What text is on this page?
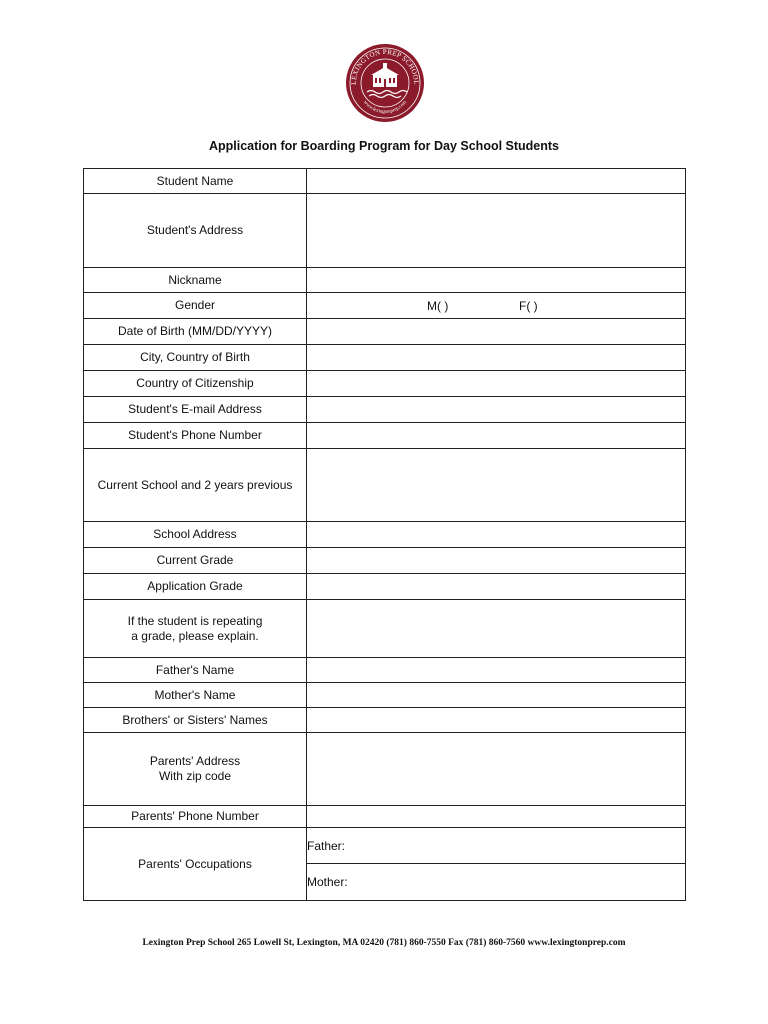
LEXINGTON PREP SCHOOL
www.lexingtonprep.com
Application for Boarding Program for Day School Students
Student Name	
Student's Address	
Nickname	
Gender	M( ) F( )

Date of Birth (MM/DD/YYYY)	
City, Country of Birth	
Country of Citizenship	
Student's E-mail Address	
Student's Phone Number	
Current School and 2 years previous	
School Address	
Current Grade	
Application Grade	

If the student is repeating
a grade, please explain.	

Father's Name	
Mother's Name	
Brothers' or Sisters' Names	

Parents' Address
With zip code	

Parents' Phone Number	
Parents' Occupations	Father:
	Mother:
Lexington Prep School 265 Lowell St, Lexington, MA 02420 (781) 860-7550 Fax (781) 860-7560 www.lexingtonprep.com
